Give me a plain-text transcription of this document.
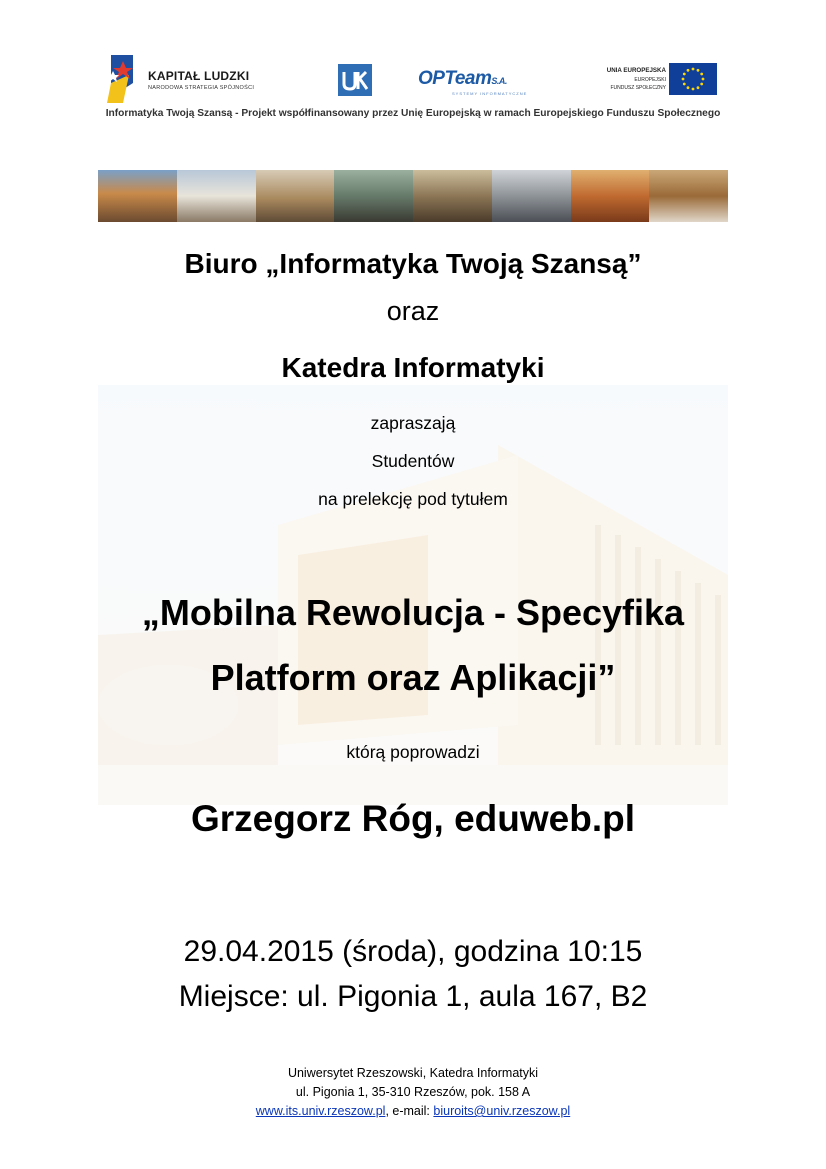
KAPITAŁ LUDZKI
NARODOWA STRATEGIA SPÓJNOŚCI	OPTeamS.A.
SYSTEMY INFORMATYCZNE
UNIA EUROPEJSKA
EUROPEJSKI
FUNDUSZ SPOŁECZNY
Informatyka Twoją Szansą - Projekt współfinansowany przez Unię Europejską w ramach Europejskiego Funduszu Społecznego
Biuro „Informatyka Twoją Szansą”
oraz
Katedra Informatyki
zapraszają
Studentów
na prelekcję pod tytułem
„Mobilna Rewolucja - Specyfika
Platform oraz Aplikacji”
którą poprowadzi
Grzegorz Róg, eduweb.pl
29.04.2015 (środa), godzina 10:15
Miejsce: ul. Pigonia 1, aula 167, B2
Uniwersytet Rzeszowski, Katedra Informatyki
ul. Pigonia 1, 35-310 Rzeszów, pok. 158 A
www.its.univ.rzeszow.pl, e-mail: biuroits@univ.rzeszow.pl
